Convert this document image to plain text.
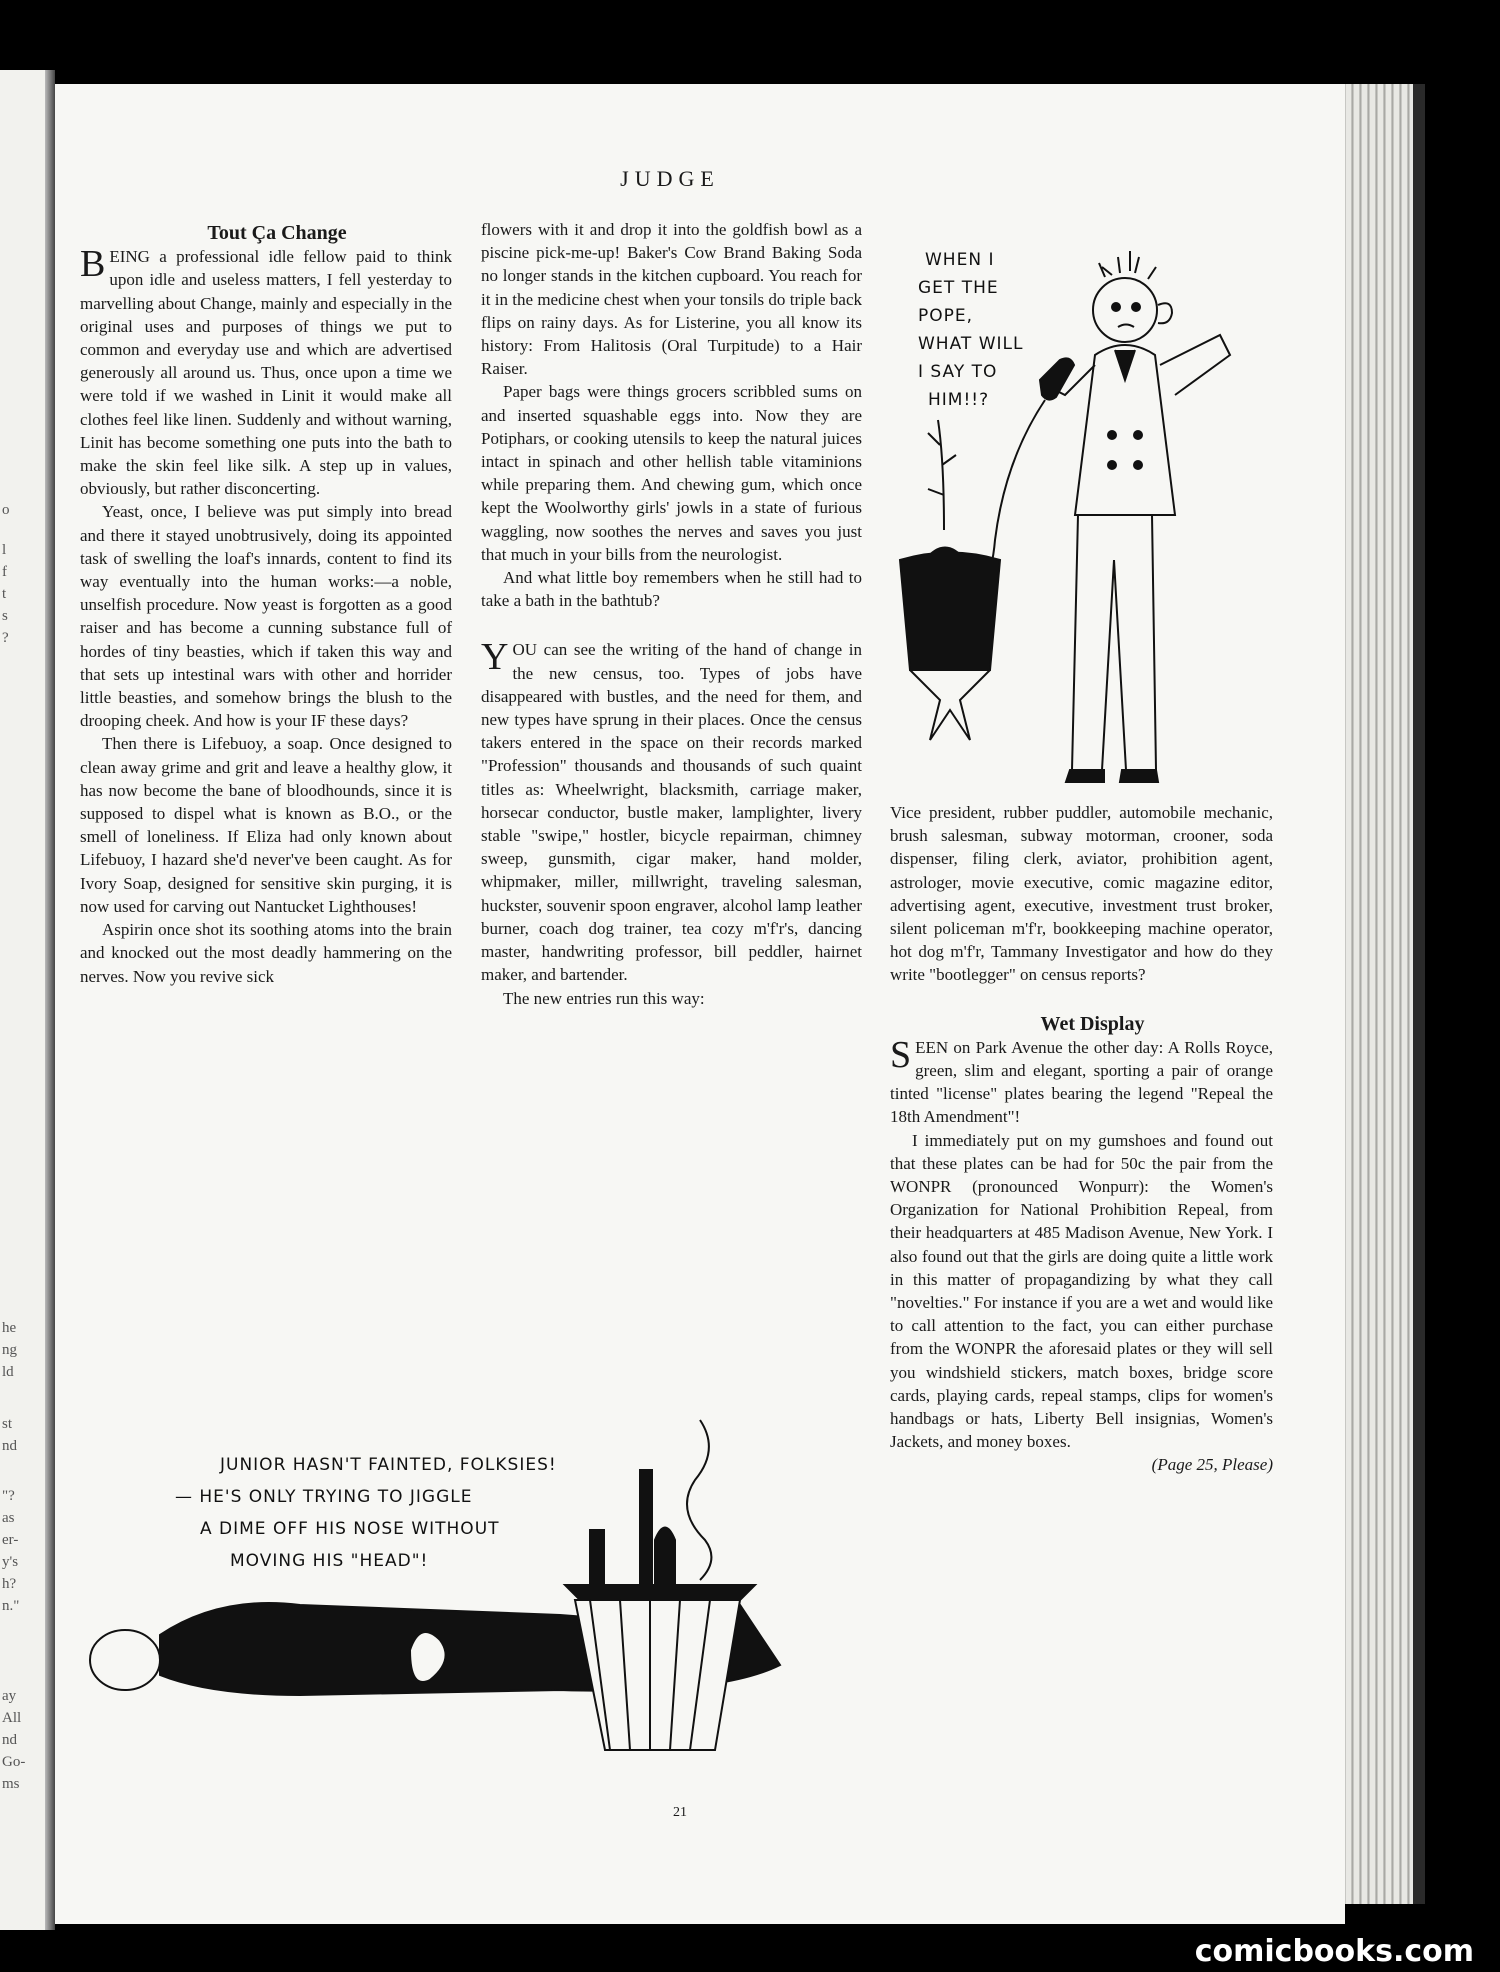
o
l
f
t
s
?
he
ng
ld
st
nd
"?
as
er-
y's
h?
n."
ay
All
nd
Go-
ms
JUDGE

Tout Ça Change

BEING a professional idle fellow paid to think upon idle and useless matters, I fell yesterday to marvelling about Change, mainly and especially in the original uses and purposes of things we put to common and everyday use and which are advertised generously all around us. Thus, once upon a time we were told if we washed in Linit it would make all clothes feel like linen. Suddenly and without warning, Linit has become something one puts into the bath to make the skin feel like silk. A step up in values, obviously, but rather disconcerting.

Yeast, once, I believe was put simply into bread and there it stayed unobtrusively, doing its appointed task of swelling the loaf's innards, content to find its way eventually into the human works:—a noble, unselfish procedure. Now yeast is forgotten as a good raiser and has become a cunning substance full of hordes of tiny beasties, which if taken this way and that sets up intestinal wars with other and horrider little beasties, and somehow brings the blush to the drooping cheek. And how is your IF these days?

Then there is Lifebuoy, a soap. Once designed to clean away grime and grit and leave a healthy glow, it has now become the bane of bloodhounds, since it is supposed to dispel what is known as B.O., or the smell of loneliness. If Eliza had only known about Lifebuoy, I hazard she'd never've been caught. As for Ivory Soap, designed for sensitive skin purging, it is now used for carving out Nantucket Lighthouses!

Aspirin once shot its soothing atoms into the brain and knocked out the most deadly hammering on the nerves. Now you revive sick

flowers with it and drop it into the goldfish bowl as a piscine pick-me-up! Baker's Cow Brand Baking Soda no longer stands in the kitchen cupboard. You reach for it in the medicine chest when your tonsils do triple back flips on rainy days. As for Listerine, you all know its history: From Halitosis (Oral Turpitude) to a Hair Raiser.

Paper bags were things grocers scribbled sums on and inserted squashable eggs into. Now they are Potiphars, or cooking utensils to keep the natural juices intact in spinach and other hellish table vitaminions while preparing them. And chewing gum, which once kept the Woolworthy girls' jowls in a state of furious waggling, now soothes the nerves and saves you just that much in your bills from the neurologist.

And what little boy remembers when he still had to take a bath in the bathtub?

YOU can see the writing of the hand of change in the new census, too. Types of jobs have disappeared with bustles, and the need for them, and new types have sprung in their places. Once the census takers entered in the space on their records marked "Profession" thousands and thousands of such quaint titles as: Wheelwright, blacksmith, carriage maker, horsecar conductor, bustle maker, lamplighter, livery stable "swipe," hostler, bicycle repairman, chimney sweep, gunsmith, cigar maker, hand molder, whipmaker, miller, millwright, traveling salesman, huckster, souvenir spoon engraver, alcohol lamp leather burner, coach dog trainer, tea cozy m'f'r's, dancing master, handwriting professor, bill peddler, hairnet maker, and bartender.

The new entries run this way:

Vice president, rubber puddler, automobile mechanic, brush salesman, subway motorman, crooner, soda dispenser, filing clerk, aviator, prohibition agent, astrologer, movie executive, comic magazine editor, advertising agent, executive, investment trust broker, silent policeman m'f'r, bookkeeping machine operator, hot dog m'f'r, Tammany Investigator and how do they write "bootlegger" on census reports?

Wet Display

SEEN on Park Avenue the other day: A Rolls Royce, green, slim and elegant, sporting a pair of orange tinted "license" plates bearing the legend "Repeal the 18th Amendment"!

I immediately put on my gumshoes and found out that these plates can be had for 50c the pair from the WONPR (pronounced Wonpurr): the Women's Organization for National Prohibition Repeal, from their headquarters at 485 Madison Avenue, New York. I also found out that the girls are doing quite a little work in this matter of propagandizing by what they call "novelties." For instance if you are a wet and would like to call attention to the fact, you can either purchase from the WONPR the aforesaid plates or they will sell you windshield stickers, match boxes, bridge score cards, playing cards, repeal stamps, clips for women's handbags or hats, Liberty Bell insignias, Women's Jackets, and money boxes.

(Page 25, Please)

WHEN I
GET THE
POPE,
WHAT WILL
I SAY TO
HIM!!?
JUNIOR HASN'T FAINTED, FOLKSIES!
— HE'S ONLY TRYING TO JIGGLE
A DIME OFF HIS NOSE WITHOUT
MOVING HIS "HEAD"!
21
comicbooks.com
